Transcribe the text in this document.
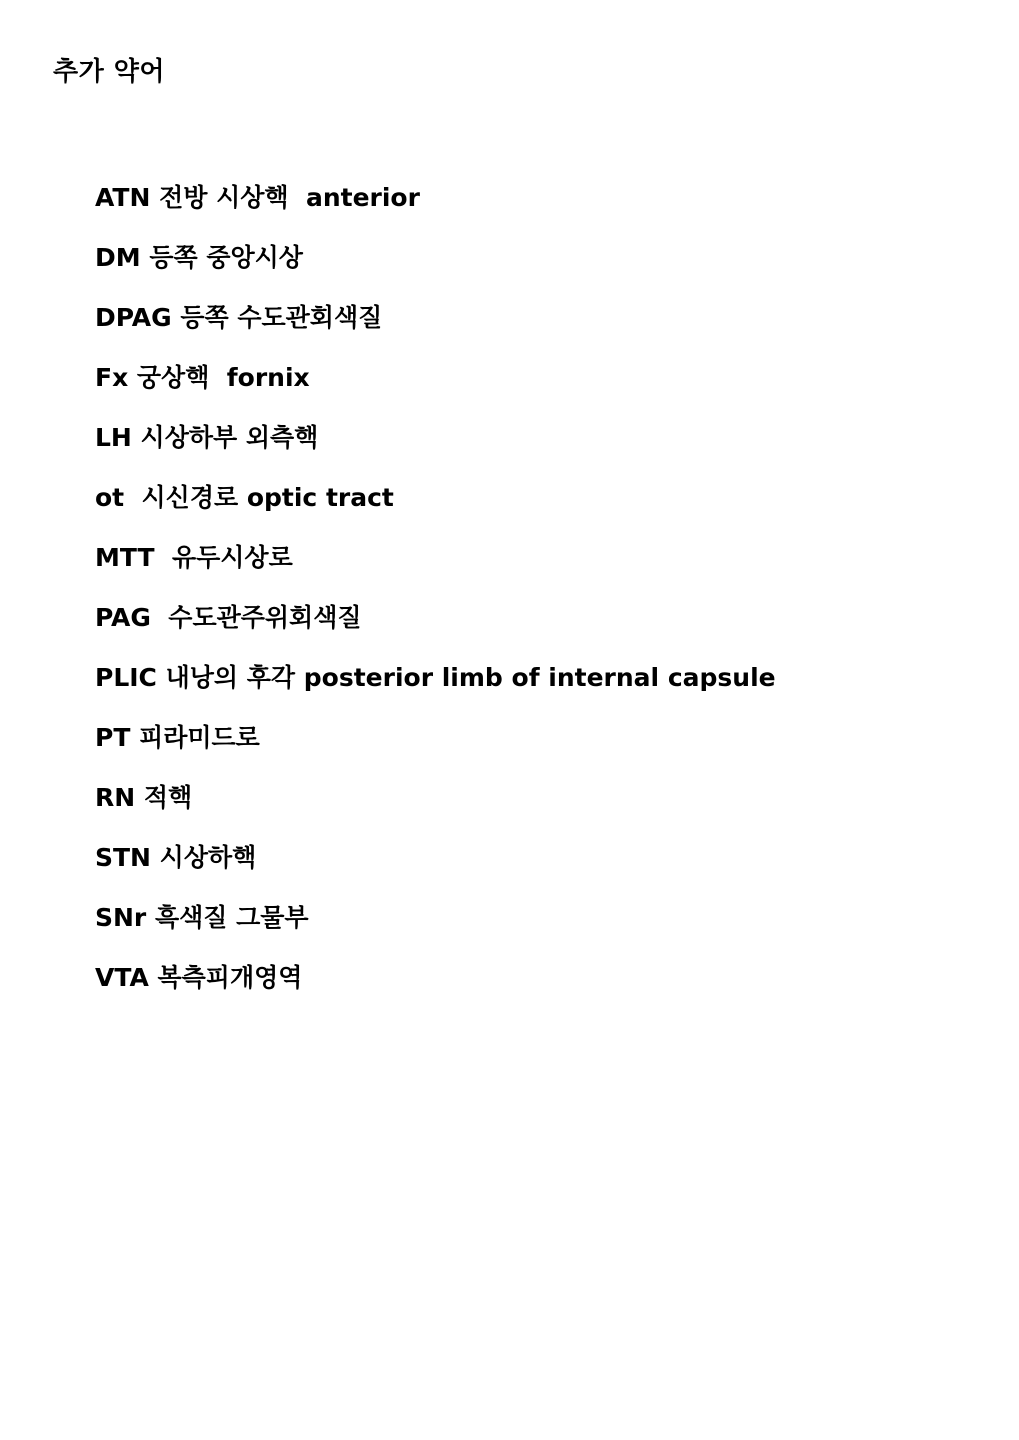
추가 약어
ATN 전방 시상핵  anterior
DM 등쪽 중앙시상
DPAG 등쪽 수도관회색질
Fx 궁상핵  fornix
LH 시상하부 외측핵
ot  시신경로 optic tract
MTT  유두시상로
PAG  수도관주위회색질
PLIC 내낭의 후각 posterior limb of internal capsule
PT 피라미드로
RN 적핵
STN 시상하핵
SNr 흑색질 그물부
VTA 복측피개영역
